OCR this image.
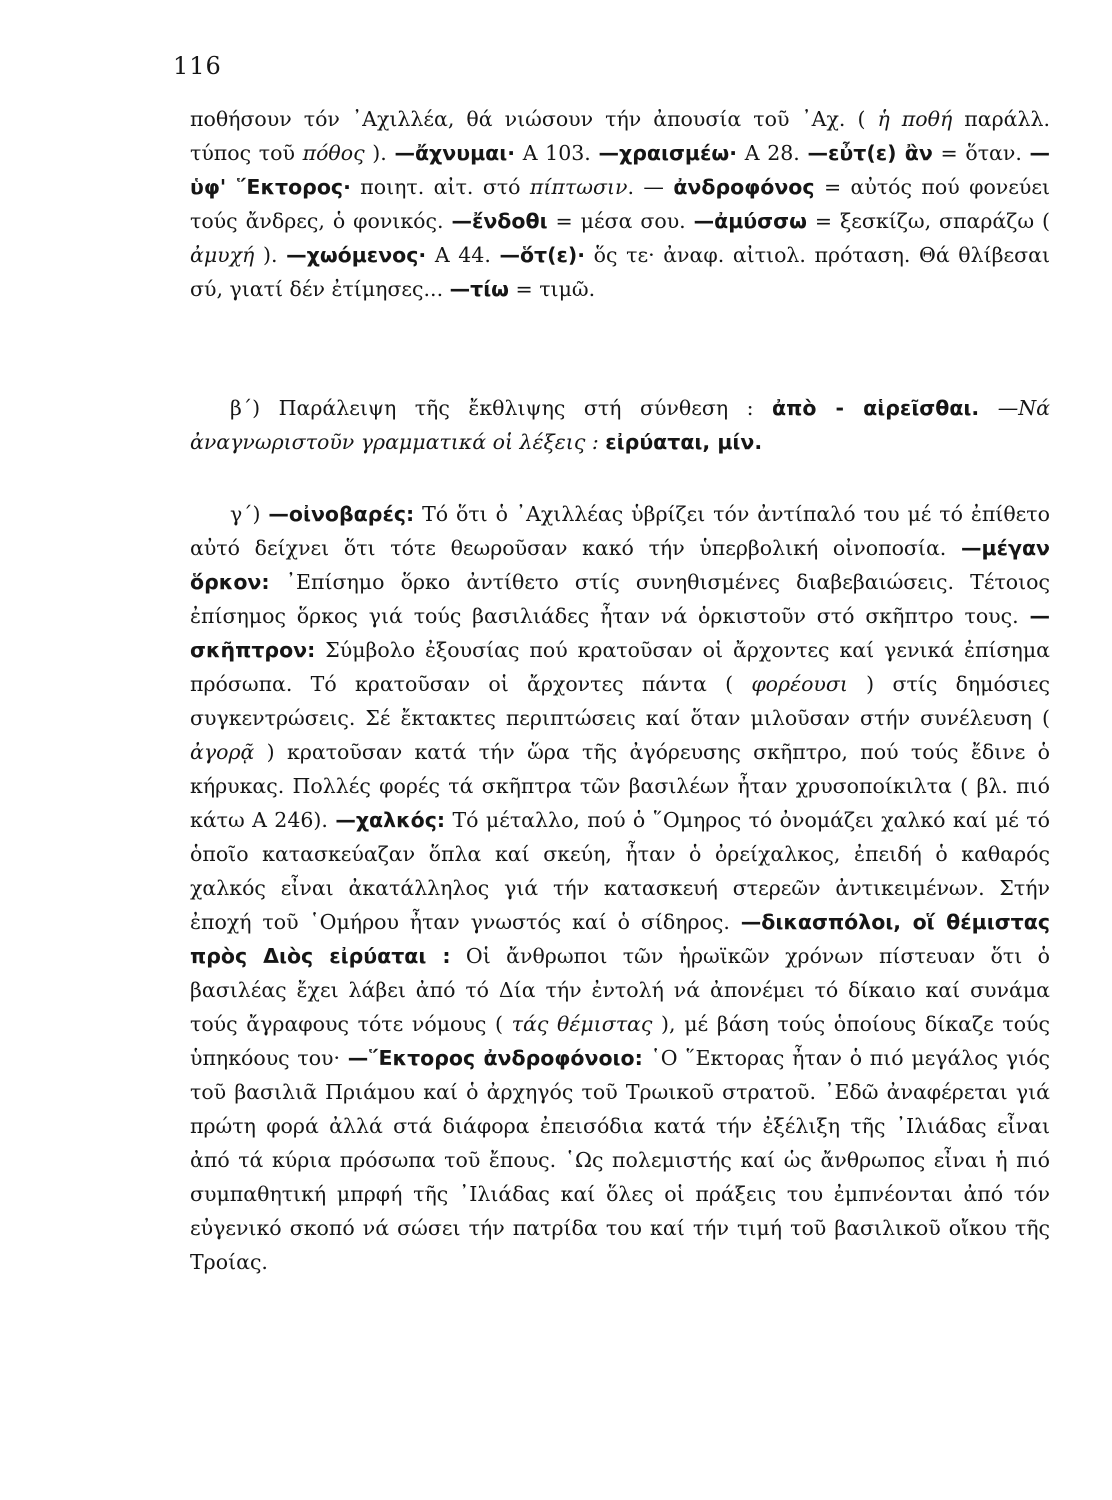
116

ποθήσουν τόν ᾿Αχιλλέα, θά νιώσουν τήν ἀπουσία τοῦ ᾿Αχ. ( ἡ ποθή παράλλ. τύπος τοῦ πόθος ). —ἄχνυμαι· Α 103. —χραισμέω· Α 28. —εὖτ(ε) ἂν = ὅταν. —ὑφ' ῞Εκτορος· ποιητ. αἰτ. στό πίπτωσιν. — ἀνδροφόνος = αὐτός πού φονεύει τούς ἄνδρες, ὁ φονικός. —ἔνδοθι = μέσα σου. —ἀμύσσω = ξεσκίζω, σπαράζω ( ἀμυχή ). —χωόμενος· Α 44. —ὅτ(ε)· ὅς τε· ἀναφ. αἰτιολ. πρόταση. Θά θλίβεσαι σύ, γιατί δέν ἐτίμησες... —τίω = τιμῶ.

β΄) Παράλειψη τῆς ἔκθλιψης στή σύνθεση : ἀπὸ - αἱρεῖσθαι. —Νά ἀναγνωριστοῦν γραμματικά οἱ λέξεις : εἰρύαται, μίν.

γ΄) —οἰνοβαρές: Τό ὅτι ὁ ᾿Αχιλλέας ὑβρίζει τόν ἀντίπαλό του μέ τό ἐπίθετο αὐτό δείχνει ὅτι τότε θεωροῦσαν κακό τήν ὑπερβολική οἰνοποσία. —μέγαν ὅρκον: ᾿Επίσημο ὅρκο ἀντίθετο στίς συνηθισμένες διαβεβαιώσεις. Τέτοιος ἐπίσημος ὅρκος γιά τούς βασιλιάδες ἦταν νά ὁρκιστοῦν στό σκῆπτρο τους. —σκῆπτρον: Σύμβολο ἐξουσίας πού κρατοῦσαν οἱ ἄρχοντες καί γενικά ἐπίσημα πρόσωπα. Τό κρατοῦσαν οἱ ἄρχοντες πάντα ( φορέουσι ) στίς δημόσιες συγκεντρώσεις. Σέ ἔκτακτες περιπτώσεις καί ὅταν μιλοῦσαν στήν συνέλευση ( ἀγορᾷ ) κρατοῦσαν κατά τήν ὥρα τῆς ἀγόρευσης σκῆπτρο, πού τούς ἔδινε ὁ κήρυκας. Πολλές φορές τά σκῆπτρα τῶν βασιλέων ἦταν χρυσοποίκιλτα ( βλ. πιό κάτω Α 246). —χαλκός: Τό μέταλλο, πού ὁ ῞Ομηρος τό ὀνομάζει χαλκό καί μέ τό ὁποῖο κατασκεύαζαν ὅπλα καί σκεύη, ἦταν ὁ ὀρείχαλκος, ἐπειδή ὁ καθαρός χαλκός εἶναι ἀκατάλληλος γιά τήν κατασκευή στερεῶν ἀντικειμένων. Στήν ἐποχή τοῦ ῾Ομήρου ἦταν γνωστός καί ὁ σίδηρος. —δικασπόλοι, οἵ θέμιστας πρὸς Διὸς εἰρύαται : Οἱ ἄνθρωποι τῶν ἡρωϊκῶν χρόνων πίστευαν ὅτι ὁ βασιλέας ἔχει λάβει ἀπό τό Δία τήν ἐντολή νά ἀπονέμει τό δίκαιο καί συνάμα τούς ἄγραφους τότε νόμους ( τάς θέμιστας ), μέ βάση τούς ὁποίους δίκαζε τούς ὑπηκόους του· —῞Εκτορος ἀνδροφόνοιο: ῾Ο ῞Εκτορας ἦταν ὁ πιό μεγάλος γιός τοῦ βασιλιᾶ Πριάμου καί ὁ ἀρχηγός τοῦ Τρωικοῦ στρατοῦ. ᾿Εδῶ ἀναφέρεται γιά πρώτη φορά ἀλλά στά διάφορα ἐπεισόδια κατά τήν ἐξέλιξη τῆς ᾿Ιλιάδας εἶναι ἀπό τά κύρια πρόσωπα τοῦ ἔπους. ῾Ως πολεμιστής καί ὡς ἄνθρωπος εἶναι ἡ πιό συμπαθητική μπρφή τῆς ᾿Ιλιάδας καί ὅλες οἱ πράξεις του ἐμπνέονται ἀπό τόν εὐγενικό σκοπό νά σώσει τήν πατρίδα του καί τήν τιμή τοῦ βασιλικοῦ οἴκου τῆς Τροίας.
